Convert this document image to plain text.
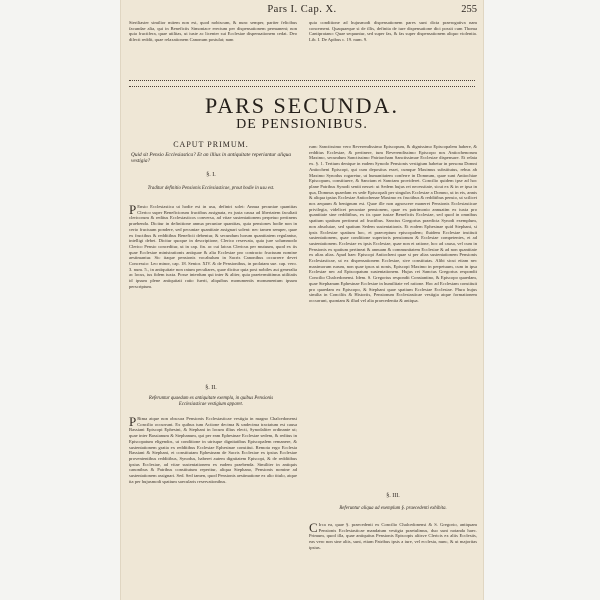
Pars I. Cap. X.	255

Steriliaster similior mitem non est, quod nobiscum, & nunc semper, pariter felicibus facundae alia, qui in Beneficiis Simoniace erectum per dispensationem permanent; non quia fructifera, quae utilitas, ut iuste ac licenter sui Ecclesiae dispensationem cedat. Deo dilecti reddit, quae relaxationem Canonum postulat; nam

quia conditione ad hujusmodi dispensationem pares sunt dicta praerogativa nam concernent. Quaquaeque si de illis, definita de iure dispensatione dici possit cum Thoma Cantipratano: Quae sequuntur, sed super fas, & fas super dispensationem aliquo violentia. Lib. I. De Apibus c. 19. num. 9.

PARS SECUNDA.
DE PENSIONIBUS.
CAPUT PRIMUM.
Quid sit Pensio Ecclesiastica? Et an illius in antiquitate reperiantur aliqua vestigia?
§. I.
Traditur definitio Pensionis Ecclesiasticae, prout hodie in usu est.

P Ensio Ecclesiastica ut hodie est in usu, definiri solet: Annua pecuniae quantitas Clerico super Beneficiorum fructibus assignata, ex justa causa ad libertatem facultati clericorum & reditus Ecclesiasticos conversa, ad vitae sustentationem perpetuo pertinens praebenda. Dicitur in definitione annua pecuniae quantitas, quia pensiones hodie non in certo fructuum pondere, sed pecuniae quantitate assignari solent: nec tamen semper, quae ex fructibus & redditibus Beneficii debentur, & secundum horum quantitatem regulantur, intelligi debet. Dicitur quoque in descriptione, Clerico reservata, quia jure solummodo Clerico Pensio conceditur, ut in cap. fin. ac cui laicus Clericus per mutuum, quod ex iis quae Ecclesiae ministrationis antiquae & alia Ecclesiae pro contracto fructuum nomine aestimantur. Sic itaque pensionis vocabulum in Sacris Canonibus occurrere devet Concessio: Leo minor, cap. 18. Senior. XIV. & de Pensionibus, in prolatam sue. cap. vero. 3. num. 5., in antiquitate non ratum peculiares, quae dicitur quia post nobiles aut generalia ac locus, ius fidem iuxta. Posse interdum qui inter & aliter, quia praetermittimus utilitatis id ipsum plene antiquitati ratio fuerit, aliquibus monumentis monumentum ipsum perscriptum.

§. II.
Referuntur quaedam ex antiquitate exempla, in quibus Pensionis Ecclesiasticae vestigium apparet.

P Rima atque non obscura Pensionis Ecclesiasticae vestigia in magno Chalcedonensi Concilio occurrunt. Ex quibus tum Actione decima & undecima tractatum est causa Bassiani Episcopi Ephesini, & Stephani in locum illius electi, Synodaliter ordinante ut; quae inter Bassianum & Stephanum, qui per eam Ephesinae Ecclesiae sedem, & reditus in Episcopatum eligendos, ut conditione in utrisque dignitatibus Episcopalem remanere, & sustentationem gratia ex redditibus Ecclesiae Ephesinae constitui. Remota ergo Ecclesia Bassiani & Stephani, et constitutam Ephesinam de Sacris Ecclesiae ex ipsius Ecclesiae provenientibus redditibus, Synodus, haberet autem dignitatem Episcopi, & de redditibus ipsius Ecclesiae, ad vitae sustentationem ex eadem praebenda. Similiter in antiquis canonibus & Patribus constitutum reperitur, aliqua Stephano, Pensionis nomine ad sustentationem assignari. Sed. Sed tamen, quod Pensionis aestimatione ex alio titulo, atque ita per hujusmodi spatium saecularis reservationibus.

rum: Sanctissimo vero Reverendissimo Episcopum, & dignissimo Episcopalem habere, & redditus Ecclesiae, & pertinere, tum Reverendissimo Episcopo nos Antiochenorum Maximo, secundum Sanctissimo Patriarcham Sanctissimae Ecclesiae dispensare. Et relata ex. §. 1. Tertium denique in eadem Synodo Pensionis vestigium habetur in persona Domni Antiocheni Episcopi, qui cum depositus esset, cumque Maximus substitutus, rebus ab Maximo Synodus rogaretur, ut humanitatem conferre in Domnum, quae sunt Antiochiae Episcopum, constituere, & Sanctam et Sanctam provideret. Concilio quidem ipse ad hoc plane Patribus Synodi sentit nesset: ut Sedem hujus rei necessitate, sicut ex & in re ipsa in qua, Domnus quaedam ex sede Episcopali per singulos Ecclesiae a Domno, ut in eis, annis & aliqua ipsius Ecclesiae Antiochenae Maximo ex fructibus & redditibus pensio, ut scilicet nos aequum & benignum est. Quae ille non agnoscere maneret Pensionis Ecclesiasticae privilegia, videlicet pecuniae pensionem, quae ex patrimonio annuatim ex iuxta pro quantitate sine redditibus, ex iis quae iustae Beneficiis Ecclesiae, sed quod in omnibus spatium spatium pertineat ad fructibus. Sanctus Gregorius praedicta Synodi exemplum, non absolutae, sed spatium Sedem sustentationis. Et eodem Ephesinae quid Stephani, si ipsis Ecclesiae spatium hoc, et praeceptum episcopalem; fluidem Ecclesiae instituit sustentationem, quae conditione superioris pensionum & Ecclesiae competentes, et ad sustentationem. Ecclesiae ex ipsis Ecclesiae, quae non et ratione, hoc ad causa, vel cum in Pensionis ex spatium pertineat & annuam & communitatem Ecclesiae & ad non quantitate ex alias alias. Apud haec Episcopi Antiocheni quae si per alias sustentationem Pensionis Ecclesiasticae, ut ex dispensationem Ecclesiae, sive constitutas. Alibi sicut etiam nec maximorum rurum, non quae ipsos ut nonis, Episcopi Maximo in perpetuum, cum in ipsa Ecclesiae nec ad Episcopatum sustentationem. Hujus rei Sanctus Gregorius respondit Concilio Chalcedonensi. Idem. S. Gregorius respondit Constantino, & Episcopo quaedam, quae Stephanum Ephesinae Ecclesiae in humilitate vel ratione. Hoc ad Ecclesiam constituit pro quaedam ex Episcopo, & Stephani quae spatium Ecclesiae Ecclesiae. Plura hujus similia in Conciliis & Historiis, Pensionum Ecclesiasticae vestigia atque formationem occurrunt, quoniam & illud vel alia praecedentia & antiqua.

§. III.
Referuntur aliqua ad exemplum §. praecedenti exhibita.

C Irca ea, quae §. praecedenti ex Concilio Chalcedonensi & S. Gregorio, antiquam Pensionis Ecclesiasticae mandatum vestigia praetulimus, duo sunt notanda haec. Primum, quod illa, quae antiquitus Pensionis Episcopis aliisve Clericis ex aliis Ecclesiis, eas vero non sine aliis, sunt, etiam Patribus ipsis a iure, vel ecclesia, nunc, & ut majoritas ipsius.
